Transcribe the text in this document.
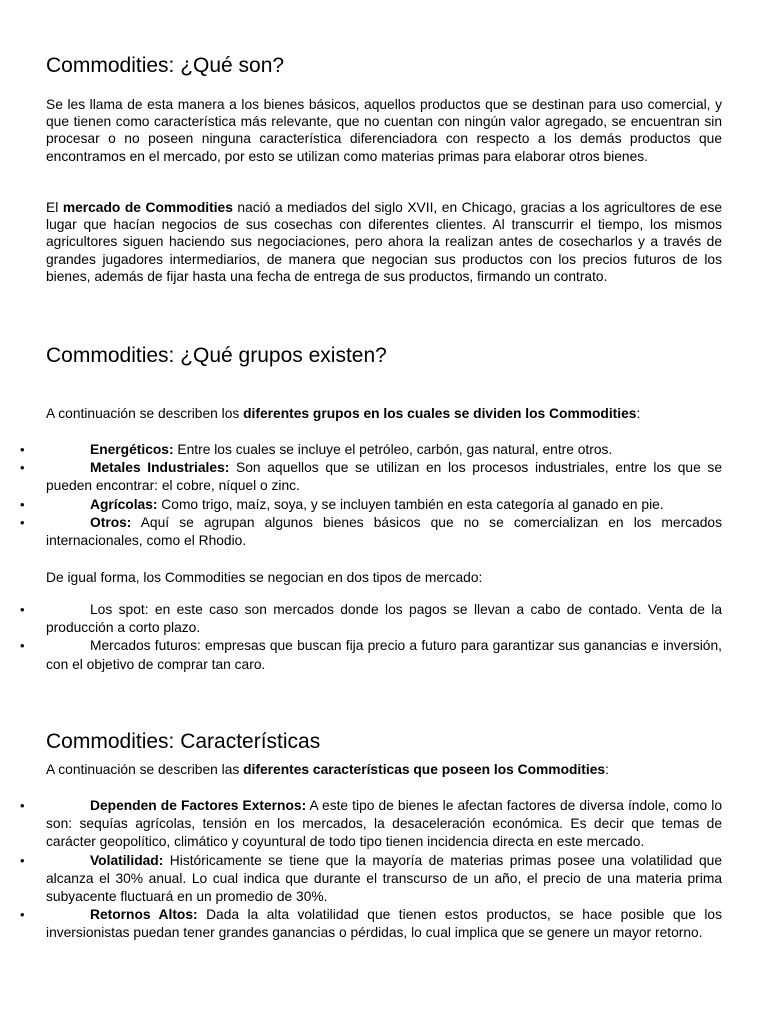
Commodities: ¿Qué son?

Se les llama de esta manera a los bienes básicos, aquellos productos que se destinan para uso comercial, y que tienen como característica más relevante, que no cuentan con ningún valor agregado, se encuentran sin procesar o no poseen ninguna característica diferenciadora con respecto a los demás productos que encontramos en el mercado, por esto se utilizan como materias primas para elaborar otros bienes.

El mercado de Commodities nació a mediados del siglo XVII, en Chicago, gracias a los agricultores de ese lugar que hacían negocios de sus cosechas con diferentes clientes. Al transcurrir el tiempo, los mismos agricultores siguen haciendo sus negociaciones, pero ahora la realizan antes de cosecharlos y a través de grandes jugadores intermediarios, de manera que negocian sus productos con los precios futuros de los bienes, además de fijar hasta una fecha de entrega de sus productos, firmando un contrato.

Commodities: ¿Qué grupos existen?

A continuación se describen los diferentes grupos en los cuales se dividen los Commodities:

•	Energéticos: Entre los cuales se incluye el petróleo, carbón, gas natural, entre otros.
•	Metales Industriales: Son aquellos que se utilizan en los procesos industriales, entre los que se pueden encontrar: el cobre, níquel o zinc.
•	Agrícolas: Como trigo, maíz, soya, y se incluyen también en esta categoría al ganado en pie.
•	Otros: Aquí se agrupan algunos bienes básicos que no se comercializan en los mercados internacionales, como el Rhodio.

De igual forma, los Commodities se negocian en dos tipos de mercado:

•	Los spot: en este caso son mercados donde los pagos se llevan a cabo de contado. Venta de la producción a corto plazo.
•	Mercados futuros: empresas que buscan fija precio a futuro para garantizar sus ganancias e inversión, con el objetivo de comprar tan caro.
Commodities: Características

A continuación se describen las diferentes características que poseen los Commodities:

•	Dependen de Factores Externos: A este tipo de bienes le afectan factores de diversa índole, como lo son: sequías agrícolas, tensión en los mercados, la desaceleración económica. Es decir que temas de carácter geopolítico, climático y coyuntural de todo tipo tienen incidencia directa en este mercado.
•	Volatilidad: Históricamente se tiene que la mayoría de materias primas posee una volatilidad que alcanza el 30% anual. Lo cual indica que durante el transcurso de un año, el precio de una materia prima subyacente fluctuará en un promedio de 30%.
•	Retornos Altos: Dada la alta volatilidad que tienen estos productos, se hace posible que los inversionistas puedan tener grandes ganancias o pérdidas, lo cual implica que se genere un mayor retorno.
